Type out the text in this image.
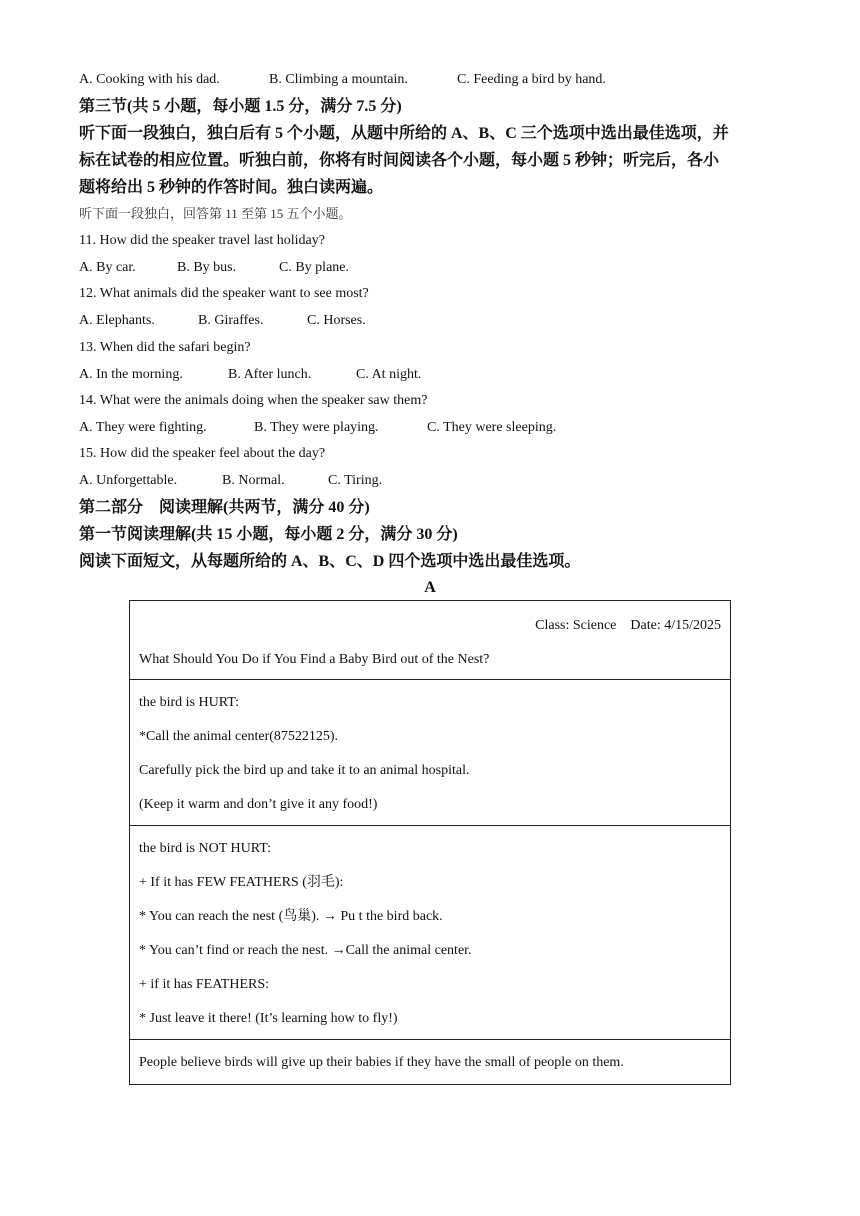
A. Cooking with his dad.	B. Climbing a mountain.	C. Feeding a bird by hand.
第三节(共 5 小题，每小题 1.5 分，满分 7.5 分)
听下面一段独白，独白后有 5 个小题，从题中所给的 A、B、C 三个选项中选出最佳选项，并
标在试卷的相应位置。听独白前，你将有时间阅读各个小题，每小题 5 秒钟；听完后，各小
题将给出 5 秒钟的作答时间。独白读两遍。
听下面一段独白，回答第 11 至第 15 五个小题。
11. How did the speaker travel last holiday?
A. By car.	B. By bus.	C. By plane.
12. What animals did the speaker want to see most?
A. Elephants.	B. Giraffes.	C. Horses.
13. When did the safari begin?
A. In the morning.	B. After lunch.	C. At night.
14. What were the animals doing when the speaker saw them?
A. They were fighting.	B. They were playing.	C. They were sleeping.
15. How did the speaker feel about the day?
A. Unforgettable.	B. Normal.	C. Tiring.
第二部分　阅读理解(共两节，满分 40 分)
第一节阅读理解(共 15 小题，每小题 2 分，满分 30 分)
阅读下面短文，从每题所给的 A、B、C、D 四个选项中选出最佳选项。
A

Class: Science　Date: 4/15/2025

What Should You Do if You Find a Baby Bird out of the Nest?

the bird is HURT:

*Call the animal center(87522125).

Carefully pick the bird up and take it to an animal hospital.

(Keep it warm and don’t give it any food!)

the bird is NOT HURT:

+ If it has FEW FEATHERS (羽毛):

* You can reach the nest (鸟巢). → Pu t the bird back.

* You can’t find or reach the nest. →Call the animal center.

+ if it has FEATHERS:

* Just leave it there! (It’s learning how to fly!)

People believe birds will give up their babies if they have the small of people on them.
